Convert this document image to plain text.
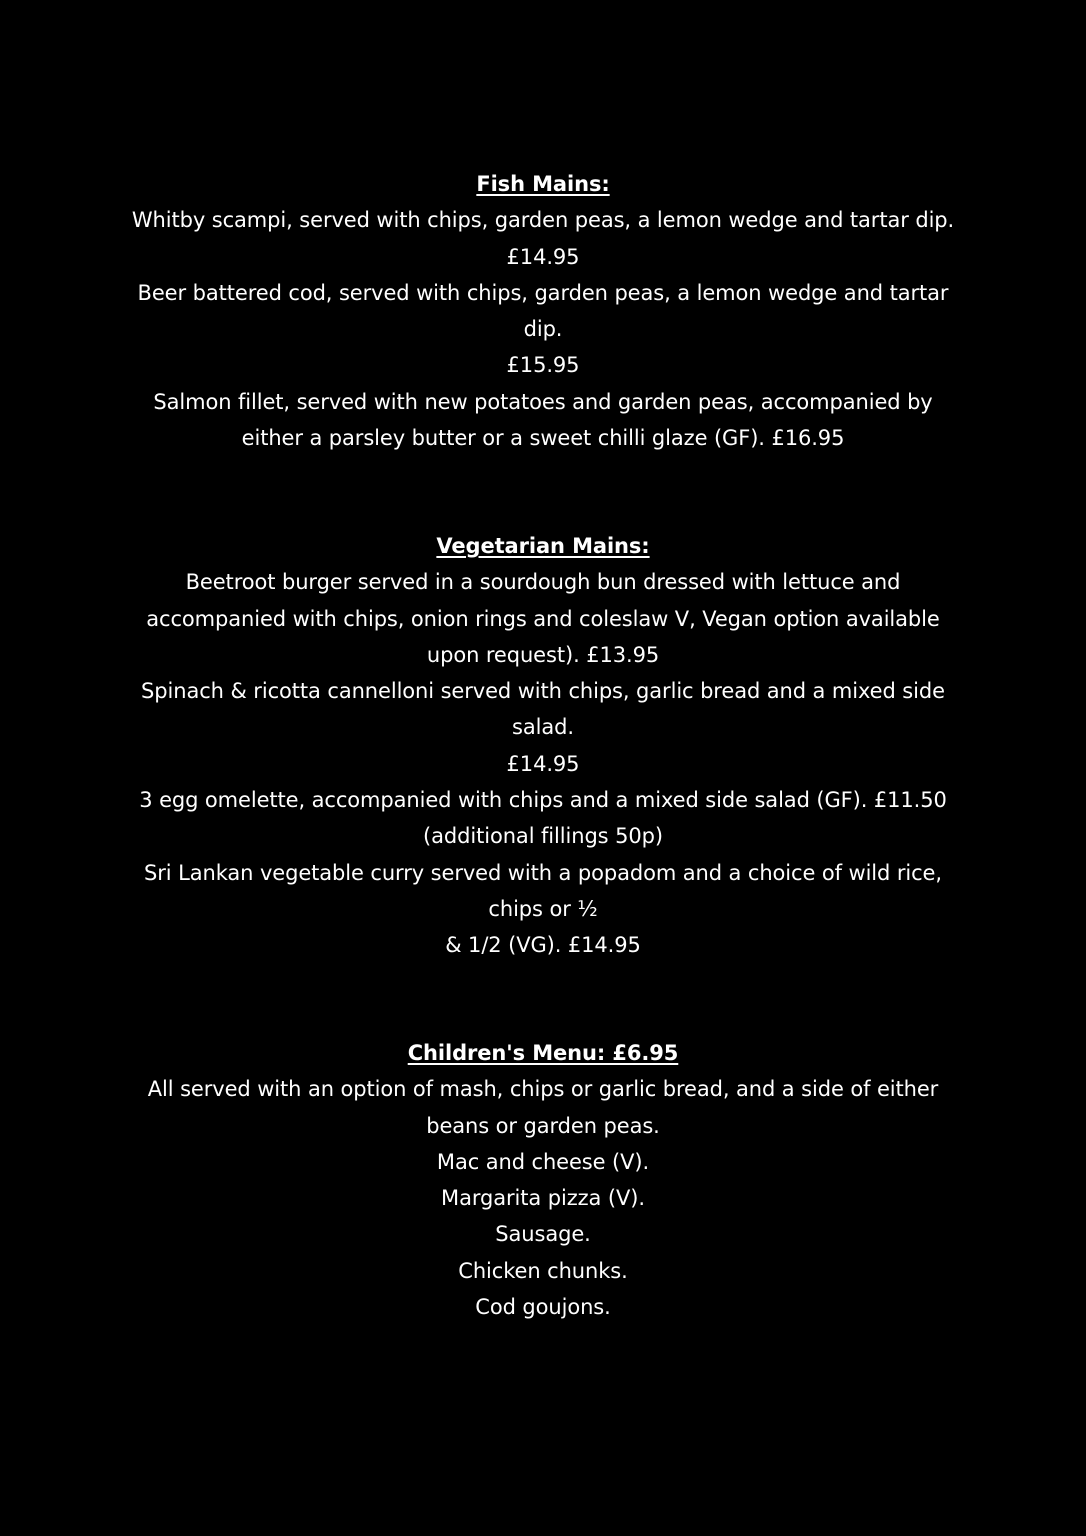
Fish Mains:
Whitby scampi, served with chips, garden peas, a lemon wedge and tartar dip.
£14.95
Beer battered cod, served with chips, garden peas, a lemon wedge and tartar
dip.
£15.95
Salmon fillet, served with new potatoes and garden peas, accompanied by
either a parsley butter or a sweet chilli glaze (GF). £16.95
Vegetarian Mains:
Beetroot burger served in a sourdough bun dressed with lettuce and
accompanied with chips, onion rings and coleslaw V, Vegan option available
upon request). £13.95
Spinach & ricotta cannelloni served with chips, garlic bread and a mixed side
salad.
£14.95
3 egg omelette, accompanied with chips and a mixed side salad (GF). £11.50
(additional fillings 50p)
Sri Lankan vegetable curry served with a popadom and a choice of wild rice,
chips or ½
& 1/2 (VG). £14.95
Children's Menu: £6.95
All served with an option of mash, chips or garlic bread, and a side of either
beans or garden peas.
Mac and cheese (V).
Margarita pizza (V).
Sausage.
Chicken chunks.
Cod goujons.
